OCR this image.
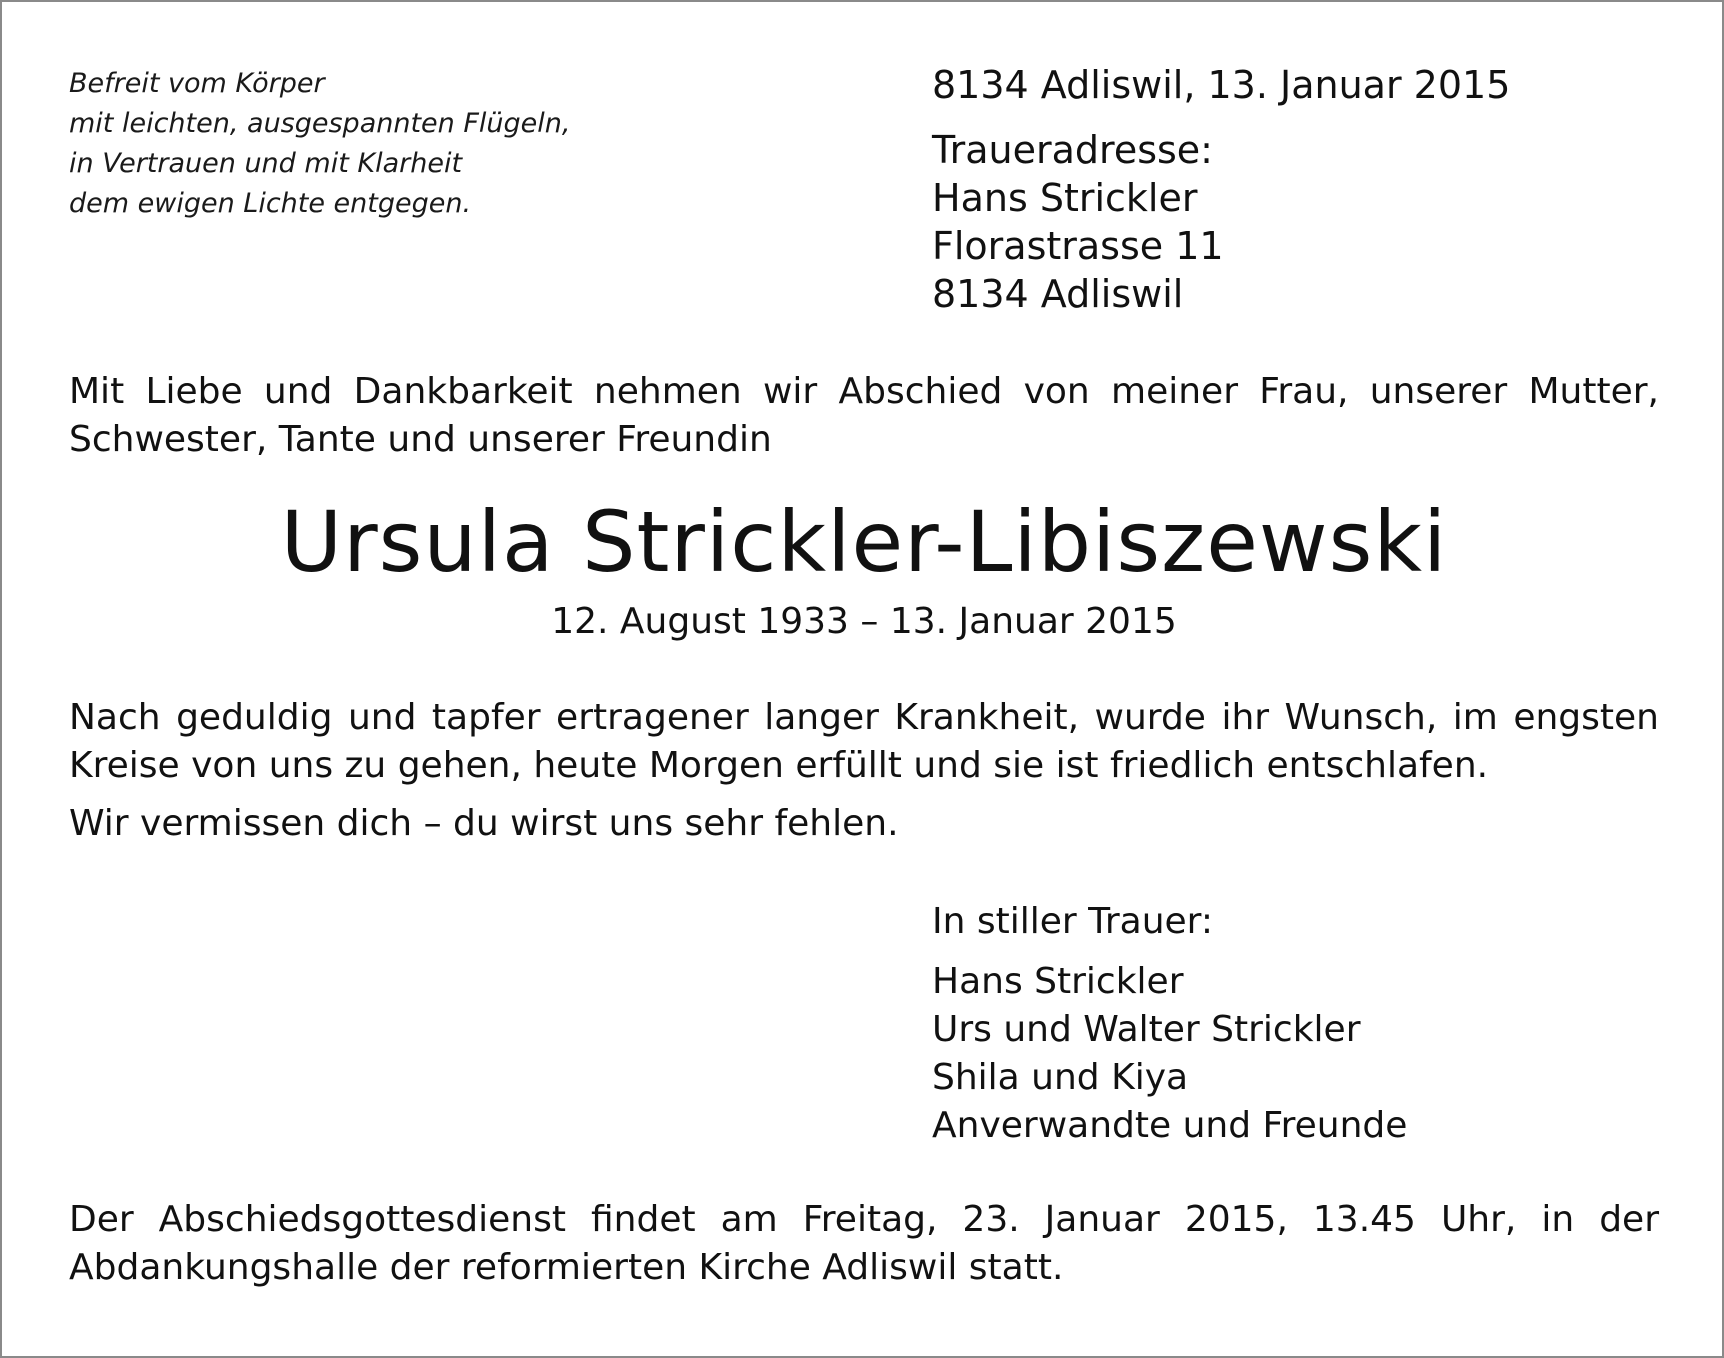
Befreit vom Körper
mit leichten, ausgespannten Flügeln,
in Vertrauen und mit Klarheit
dem ewigen Lichte entgegen.
8134 Adliswil, 13. Januar 2015
Traueradresse:
Hans Strickler
Florastrasse 11
8134 Adliswil
Mit Liebe und Dankbarkeit nehmen wir Abschied von meiner Frau, unserer Mutter, Schwester, Tante und unserer Freundin
Ursula Strickler-Libiszewski
12. August 1933 – 13. Januar 2015
Nach geduldig und tapfer ertragener langer Krankheit, wurde ihr Wunsch, im engsten Kreise von uns zu gehen, heute Morgen erfüllt und sie ist friedlich entschlafen.
Wir vermissen dich – du wirst uns sehr fehlen.
In stiller Trauer:
Hans Strickler
Urs und Walter Strickler
Shila und Kiya
Anverwandte und Freunde
Der Abschiedsgottesdienst findet am Freitag, 23. Januar 2015, 13.45 Uhr, in der Abdankungshalle der reformierten Kirche Adliswil statt.
